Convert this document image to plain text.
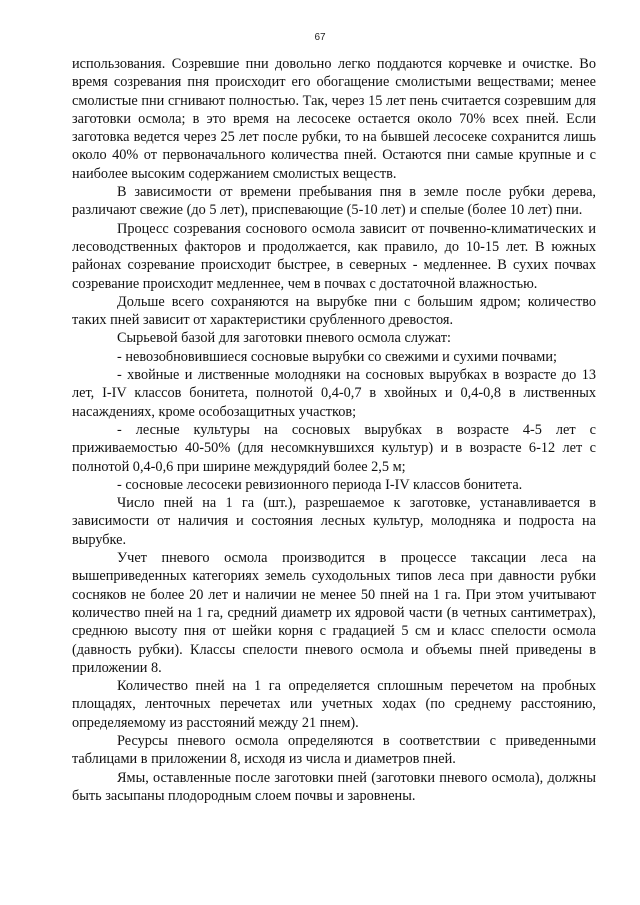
67

использования. Созревшие пни довольно легко поддаются корчевке и очистке. Во время созревания пня происходит его обогащение смолистыми веществами; менее смолистые пни сгнивают полностью. Так, через 15 лет пень считается созревшим для заготовки осмола; в это время на лесосеке остается около 70% всех пней. Если заготовка ведется через 25 лет после рубки, то на бывшей лесосеке сохранится лишь около 40% от первоначального количества пней. Остаются пни самые крупные и с наиболее высоким содержанием смолистых веществ.

В зависимости от времени пребывания пня в земле после рубки дерева, различают свежие (до 5 лет), приспевающие (5-10 лет) и спелые (более 10 лет) пни.

Процесс созревания соснового осмола зависит от почвенно-климатических и лесоводственных факторов и продолжается, как правило, до 10-15 лет. В южных районах созревание происходит быстрее, в северных - медленнее. В сухих почвах созревание происходит медленнее, чем в почвах с достаточной влажностью.

Дольше всего сохраняются на вырубке пни с большим ядром; количество таких пней зависит от характеристики срубленного древостоя.

Сырьевой базой для заготовки пневого осмола служат:

- невозобновившиеся сосновые вырубки со свежими и сухими почвами;

- хвойные и лиственные молодняки на сосновых вырубках в возрасте до 13 лет, I-IV классов бонитета, полнотой 0,4-0,7 в хвойных и 0,4-0,8 в лиственных насаждениях, кроме особозащитных участков;

- лесные культуры на сосновых вырубках в возрасте 4-5 лет с приживаемостью 40-50% (для несомкнувшихся культур) и в возрасте 6-12 лет с полнотой 0,4-0,6 при ширине междурядий более 2,5 м;

- сосновые лесосеки ревизионного периода I-IV классов бонитета.

Число пней на 1 га (шт.), разрешаемое к заготовке, устанавливается в зависимости от наличия и состояния лесных культур, молодняка и подроста на вырубке.

Учет пневого осмола производится в процессе таксации леса на вышеприведенных категориях земель суходольных типов леса при давности рубки сосняков не более 20 лет и наличии не менее 50 пней на 1 га. При этом учитывают количество пней на 1 га, средний диаметр их ядровой части (в четных сантиметрах), среднюю высоту пня от шейки корня с градацией 5 см и класс спелости осмола (давность рубки). Классы спелости пневого осмола и объемы пней приведены в приложении 8.

Количество пней на 1 га определяется сплошным перечетом на пробных площадях, ленточных перечетах или учетных ходах (по среднему расстоянию, определяемому из расстояний между 21 пнем).

Ресурсы пневого осмола определяются в соответствии с приведенными таблицами в приложении 8, исходя из числа и диаметров пней.

Ямы, оставленные после заготовки пней (заготовки пневого осмола), должны быть засыпаны плодородным слоем почвы и заровнены.
